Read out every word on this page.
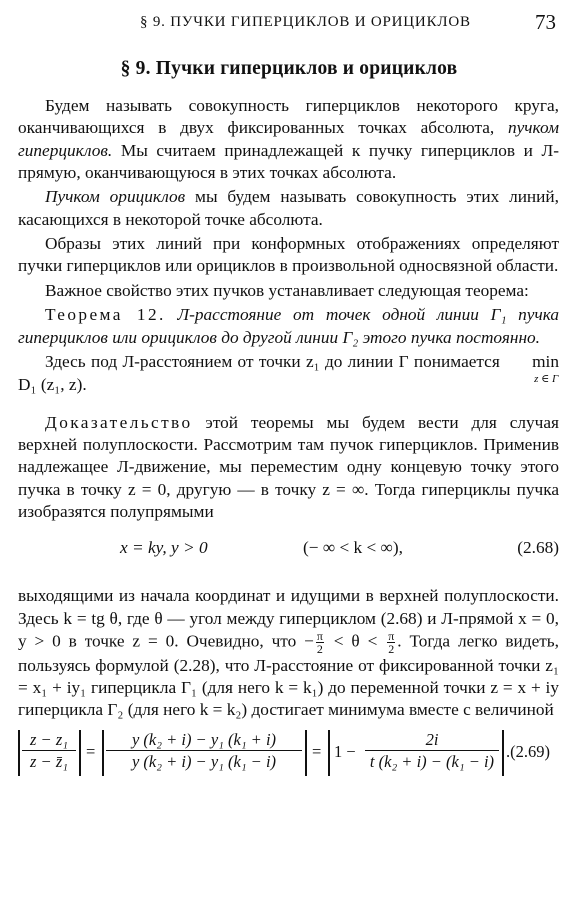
§ 9. ПУЧКИ ГИПЕРЦИКЛОВ И ОРИЦИКЛОВ	73
§ 9. Пучки гиперциклов и орициклов

Будем называть совокупность гиперциклов некоторого круга, оканчивающихся в двух фиксированных точках абсолюта, пучком гиперциклов. Мы считаем принадлежащей к пучку гиперциклов и Л-прямую, оканчивающуюся в этих точках абсолюта.

Пучком орициклов мы будем называть совокупность этих линий, касающихся в некоторой точке абсолюта.

Образы этих линий при конформных отображениях определяют пучки гиперциклов или орициклов в произвольной односвязной области.

Важное свойство этих пучков устанавливает следующая теорема:

Теорема 12. Л-расстояние от точек одной линии Γ₁ пучка гиперциклов или орициклов до другой линии Γ₂ этого пучка постоянно.

Здесь под Л-расстоянием от точки z₁ до линии Γ понимается min
z ∈ Γ
D₁ (z₁, z).

Доказательство этой теоремы мы будем вести для случая верхней полуплоскости. Рассмотрим там пучок гиперциклов. Применив надлежащее Л-движение, мы переместим одну концевую точку этого пучка в точку z = 0, другую — в точку z = ∞. Тогда гиперциклы пучка изобразятся полупрямыми

x = ky, y > 0	(− ∞ < k < ∞),	(2.68)

выходящими из начала координат и идущими в верхней полуплоскости. Здесь k = tg θ, где θ — угол между гиперциклом (2.68) и Л-прямой x = 0, y > 0 в точке z = 0. Очевидно, что − $\frac{\pi}{2} < \theta < \frac{\pi}{2}$ . Тогда легко видеть, пользуясь формулой (2.28), что Л-расстояние от фиксированной точки z₁ = x₁ + iy₁ гиперцикла Γ₁ (для него k = k₁) до переменной точки z = x + iy гиперцикла Γ₂ (для него k = k₂) достигает минимума вместе с величиной

$\frac{\text{z − z₁}}{\text{z − z̄₁}} = \frac{\text{y (k₂ + i) − y₁ (k₁ + i)}}{\text{y (k₂ + i) − y₁ (k₁ − i)}} = 1 - \frac{2i}{\text{t (k₂ + i) − (k₁ − i)}} .(2.69)$
